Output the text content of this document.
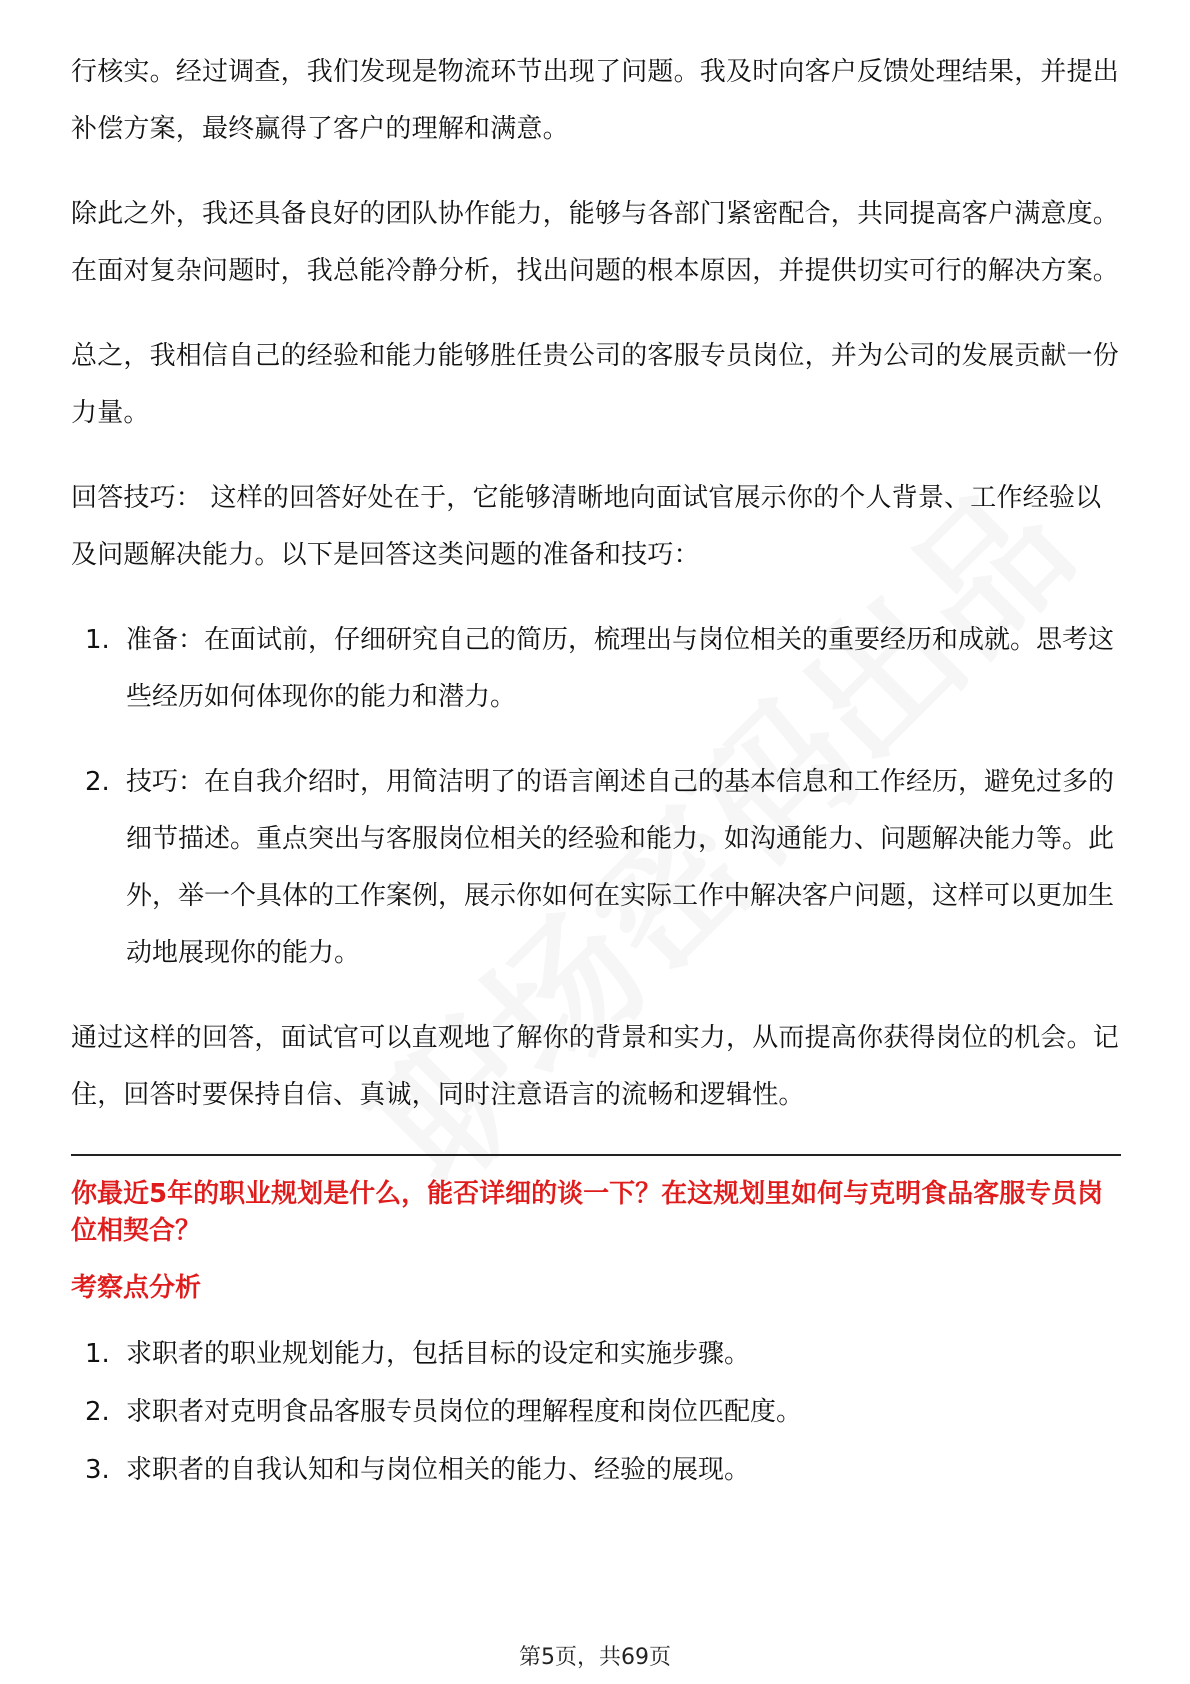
行核实。经过调查，我们发现是物流环节出现了问题。我及时向客户反馈处理结果，并提出补偿方案，最终赢得了客户的理解和满意。

除此之外，我还具备良好的团队协作能力，能够与各部门紧密配合，共同提高客户满意度。在面对复杂问题时，我总能冷静分析，找出问题的根本原因，并提供切实可行的解决方案。

总之，我相信自己的经验和能力能够胜任贵公司的客服专员岗位，并为公司的发展贡献一份力量。

回答技巧： 这样的回答好处在于，它能够清晰地向面试官展示你的个人背景、工作经验以及问题解决能力。以下是回答这类问题的准备和技巧：

1. 准备：在面试前，仔细研究自己的简历，梳理出与岗位相关的重要经历和成就。思考这些经历如何体现你的能力和潜力。
2. 技巧：在自我介绍时，用简洁明了的语言阐述自己的基本信息和工作经历，避免过多的细节描述。重点突出与客服岗位相关的经验和能力，如沟通能力、问题解决能力等。此外，举一个具体的工作案例，展示你如何在实际工作中解决客户问题，这样可以更加生动地展现你的能力。

通过这样的回答，面试官可以直观地了解你的背景和实力，从而提高你获得岗位的机会。记住，回答时要保持自信、真诚，同时注意语言的流畅和逻辑性。

你最近5年的职业规划是什么，能否详细的谈一下？在这规划里如何与克明食品客服专员岗位相契合？

考察点分析

1. 求职者的职业规划能力，包括目标的设定和实施步骤。
2. 求职者对克明食品客服专员岗位的理解程度和岗位匹配度。
3. 求职者的自我认知和与岗位相关的能力、经验的展现。
第5页，共69页
